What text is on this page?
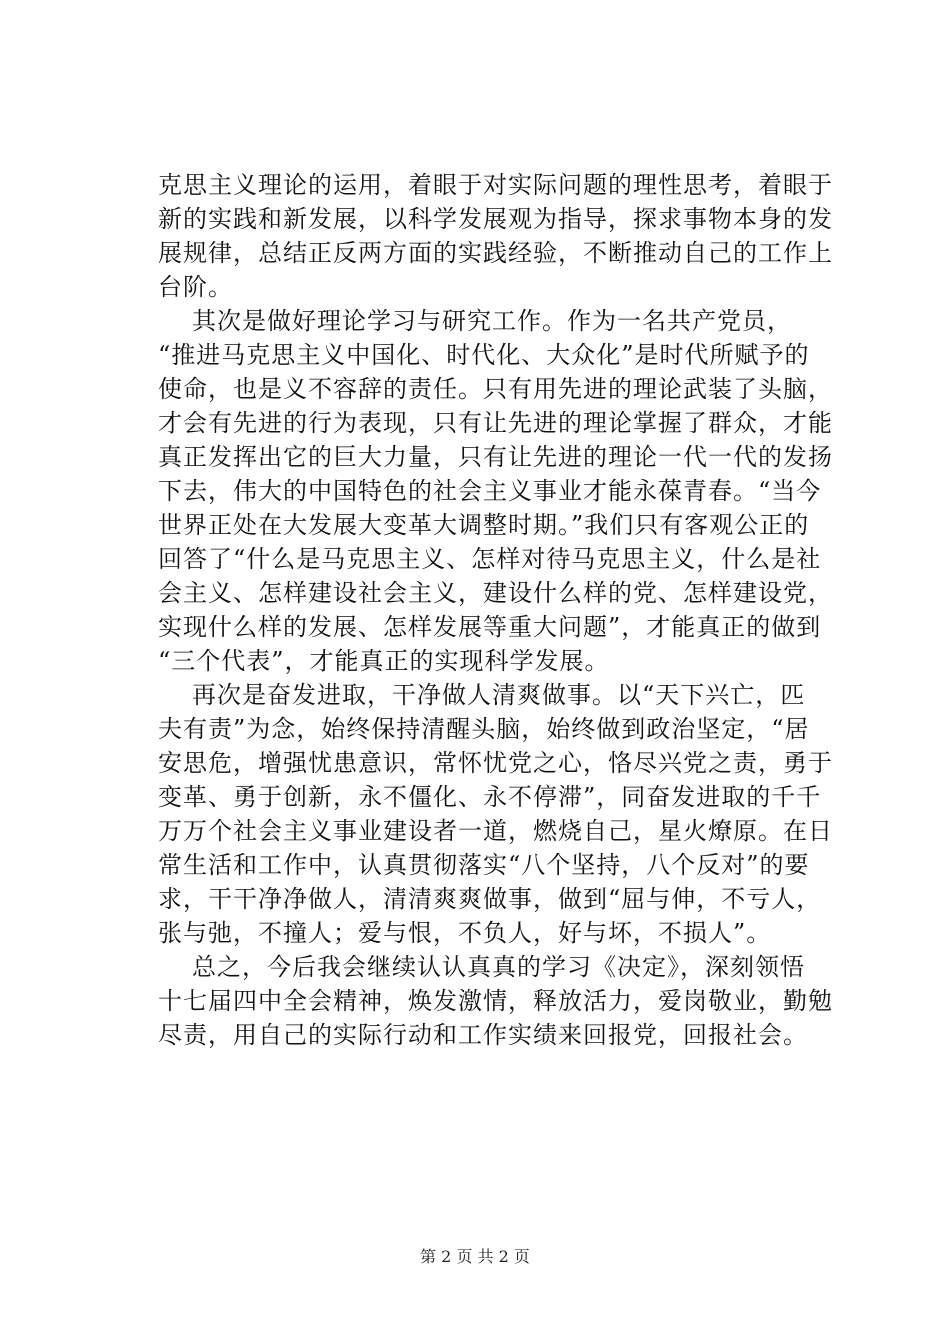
克思主义理论的运用，着眼于对实际问题的理性思考，着眼于
新的实践和新发展，以科学发展观为指导，探求事物本身的发
展规律，总结正反两方面的实践经验，不断推动自己的工作上
台阶。
其次是做好理论学习与研究工作。作为一名共产党员，
“推进马克思主义中国化、时代化、大众化”是时代所赋予的
使命，也是义不容辞的责任。只有用先进的理论武装了头脑，
才会有先进的行为表现，只有让先进的理论掌握了群众，才能
真正发挥出它的巨大力量，只有让先进的理论一代一代的发扬
下去，伟大的中国特色的社会主义事业才能永葆青春。“当今
世界正处在大发展大变革大调整时期。”我们只有客观公正的
回答了“什么是马克思主义、怎样对待马克思主义，什么是社
会主义、怎样建设社会主义，建设什么样的党、怎样建设党，
实现什么样的发展、怎样发展等重大问题”，才能真正的做到
“三个代表”，才能真正的实现科学发展。
再次是奋发进取，干净做人清爽做事。以“天下兴亡，匹
夫有责”为念，始终保持清醒头脑，始终做到政治坚定，“居
安思危，增强忧患意识，常怀忧党之心，恪尽兴党之责，勇于
变革、勇于创新，永不僵化、永不停滞”，同奋发进取的千千
万万个社会主义事业建设者一道，燃烧自己，星火燎原。在日
常生活和工作中，认真贯彻落实“八个坚持，八个反对”的要
求，干干净净做人，清清爽爽做事，做到“屈与伸，不亏人，
张与弛，不撞人；爱与恨，不负人，好与坏，不损人”。
总之，今后我会继续认认真真的学习《决定》，深刻领悟
十七届四中全会精神，焕发激情，释放活力，爱岗敬业，勤勉
尽责，用自己的实际行动和工作实绩来回报党，回报社会。
第 2 页 共 2 页
